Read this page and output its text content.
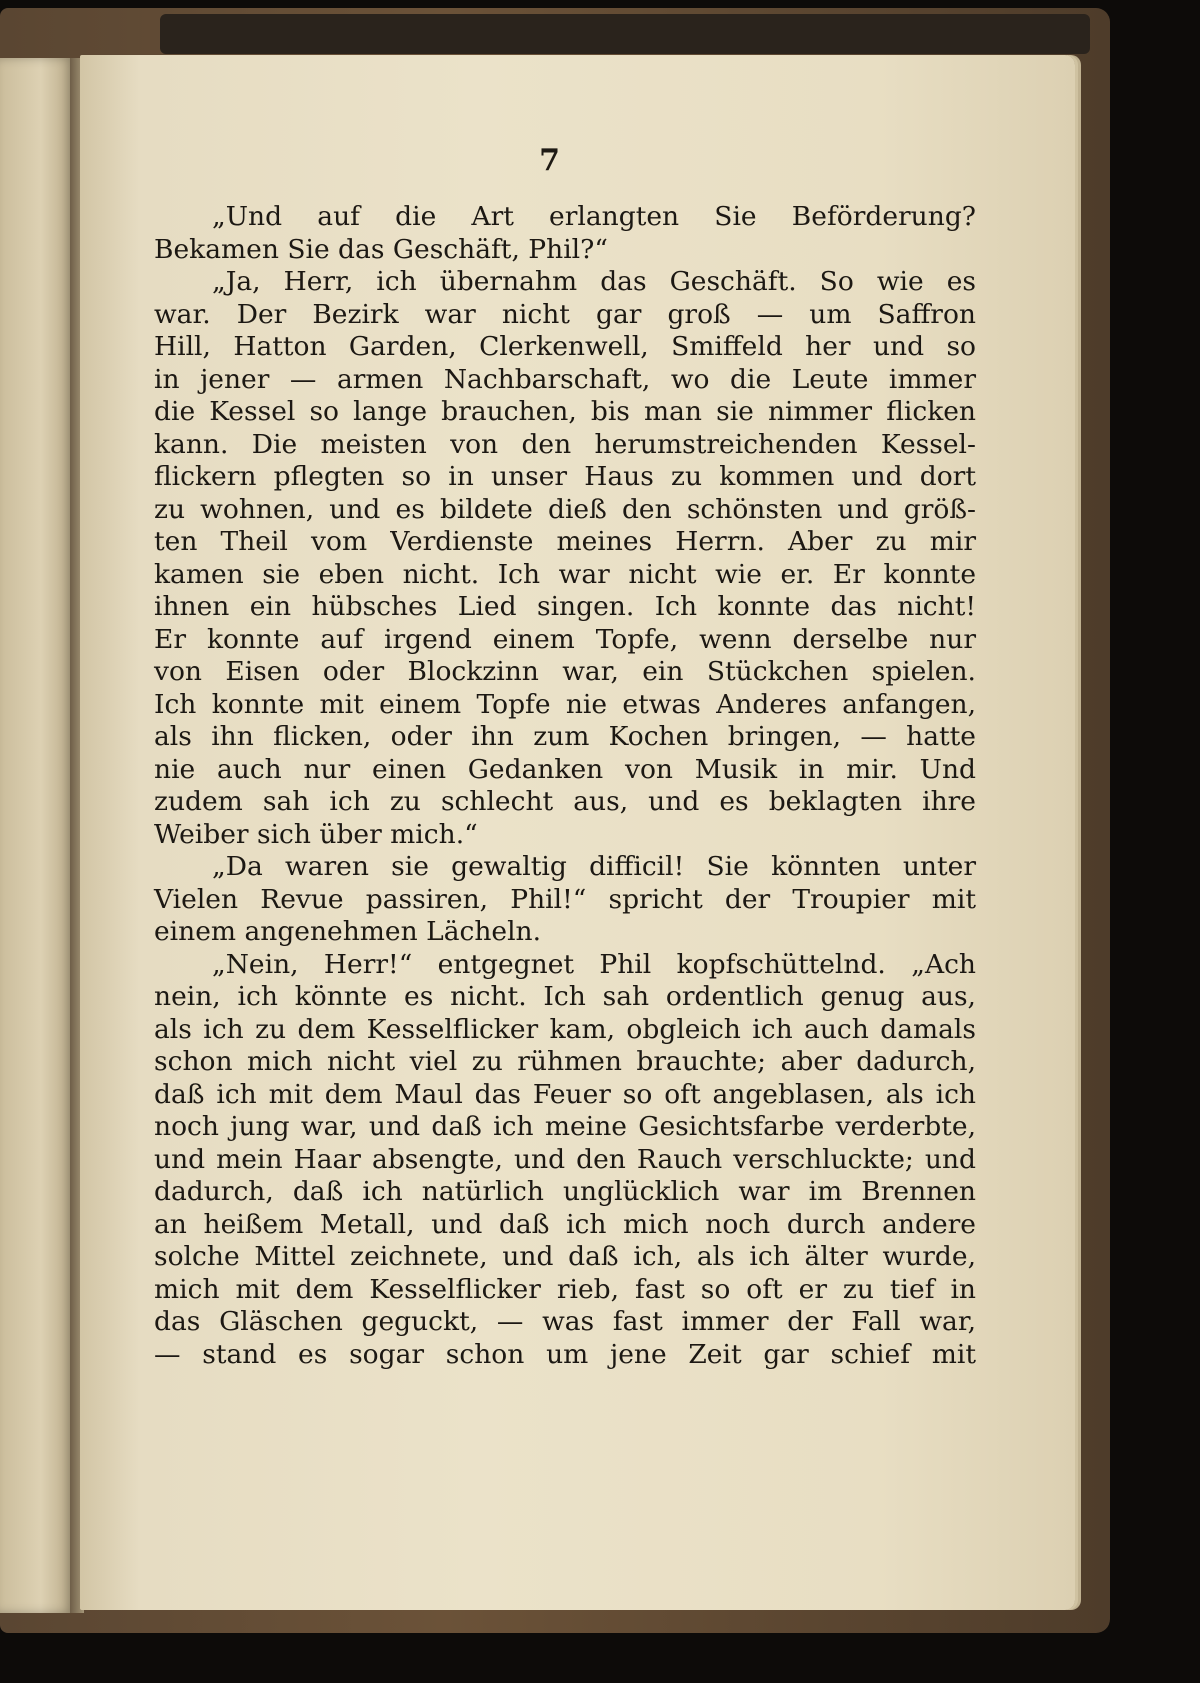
7
„Und auf die Art erlangten Sie Beförderung?
Bekamen Sie das Geschäft, Phil?“
„Ja, Herr, ich übernahm das Geschäft. So wie es
war. Der Bezirk war nicht gar groß — um Saffron
Hill, Hatton Garden, Clerkenwell, Smiffeld her und so
in jener — armen Nachbarschaft, wo die Leute immer
die Kessel so lange brauchen, bis man sie nimmer flicken
kann. Die meisten von den herumstreichenden Kessel-
flickern pflegten so in unser Haus zu kommen und dort
zu wohnen, und es bildete dieß den schönsten und größ-
ten Theil vom Verdienste meines Herrn. Aber zu mir
kamen sie eben nicht. Ich war nicht wie er. Er konnte
ihnen ein hübsches Lied singen. Ich konnte das nicht!
Er konnte auf irgend einem Topfe, wenn derselbe nur
von Eisen oder Blockzinn war, ein Stückchen spielen.
Ich konnte mit einem Topfe nie etwas Anderes anfangen,
als ihn flicken, oder ihn zum Kochen bringen, — hatte
nie auch nur einen Gedanken von Musik in mir. Und
zudem sah ich zu schlecht aus, und es beklagten ihre
Weiber sich über mich.“
„Da waren sie gewaltig difficil! Sie könnten unter
Vielen Revue passiren, Phil!“ spricht der Troupier mit
einem angenehmen Lächeln.
„Nein, Herr!“ entgegnet Phil kopfschüttelnd. „Ach
nein, ich könnte es nicht. Ich sah ordentlich genug aus,
als ich zu dem Kesselflicker kam, obgleich ich auch damals
schon mich nicht viel zu rühmen brauchte; aber dadurch,
daß ich mit dem Maul das Feuer so oft angeblasen, als ich
noch jung war, und daß ich meine Gesichtsfarbe verderbte,
und mein Haar absengte, und den Rauch verschluckte; und
dadurch, daß ich natürlich unglücklich war im Brennen
an heißem Metall, und daß ich mich noch durch andere
solche Mittel zeichnete, und daß ich, als ich älter wurde,
mich mit dem Kesselflicker rieb, fast so oft er zu tief in
das Gläschen geguckt, — was fast immer der Fall war,
— stand es sogar schon um jene Zeit gar schief mit
